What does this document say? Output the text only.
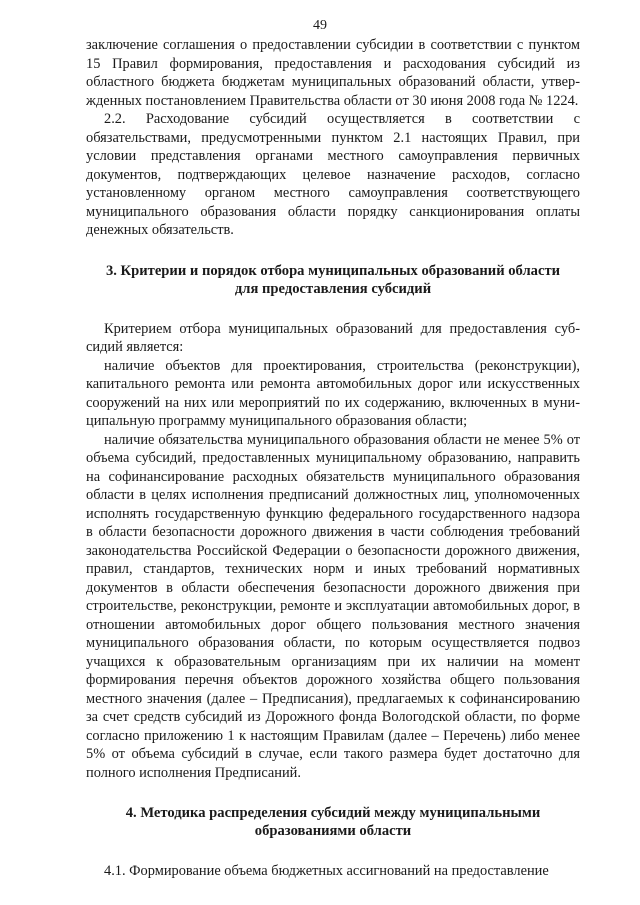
49

заключение соглашения о предоставлении субсидии в соответствии с пунктом 15 Правил формирования, предоставления и расходования субсидий из областного бюджета бюджетам муниципальных образований области, утвержденных постановлением Правительства области от 30 июня 2008 года № 1224.

2.2. Расходование субсидий осуществляется в соответствии с обязательствами, предусмотренными пунктом 2.1 настоящих Правил, при условии представления органами местного самоуправления первичных документов, подтверждающих целевое назначение расходов, согласно установленному органом местного самоуправления соответствующего муниципального образования области порядку санкционирования оплаты денежных обязательств.

3. Критерии и порядок отбора муниципальных образований области
для предоставления субсидий

Критерием отбора муниципальных образований для предоставления субсидий является:

наличие объектов для проектирования, строительства (реконструкции), капитального ремонта или ремонта автомобильных дорог или искусственных сооружений на них или мероприятий по их содержанию, включенных в муниципальную программу муниципального образования области;

наличие обязательства муниципального образования области не менее 5% от объема субсидий, предоставленных муниципальному образованию, направить на софинансирование расходных обязательств муниципального образования области в целях исполнения предписаний должностных лиц, уполномоченных исполнять государственную функцию федерального государственного надзора в области безопасности дорожного движения в части соблюдения требований законодательства Российской Федерации о безопасности дорожного движения, правил, стандартов, технических норм и иных требований нормативных документов в области обеспечения безопасности дорожного движения при строительстве, реконструкции, ремонте и эксплуатации автомобильных дорог, в отношении автомобильных дорог общего пользования местного значения муниципального образования области, по которым осуществляется подвоз учащихся к образовательным организациям при их наличии на момент формирования перечня объектов дорожного хозяйства общего пользования местного значения (далее – Предписания), предлагаемых к софинансированию за счет средств субсидий из Дорожного фонда Вологодской области, по форме согласно приложению 1 к настоящим Правилам (далее – Перечень) либо менее 5% от объема субсидий в случае, если такого размера будет достаточно для полного исполнения Предписаний.

4. Методика распределения субсидий между муниципальными
образованиями области

4.1. Формирование объема бюджетных ассигнований на предоставление
